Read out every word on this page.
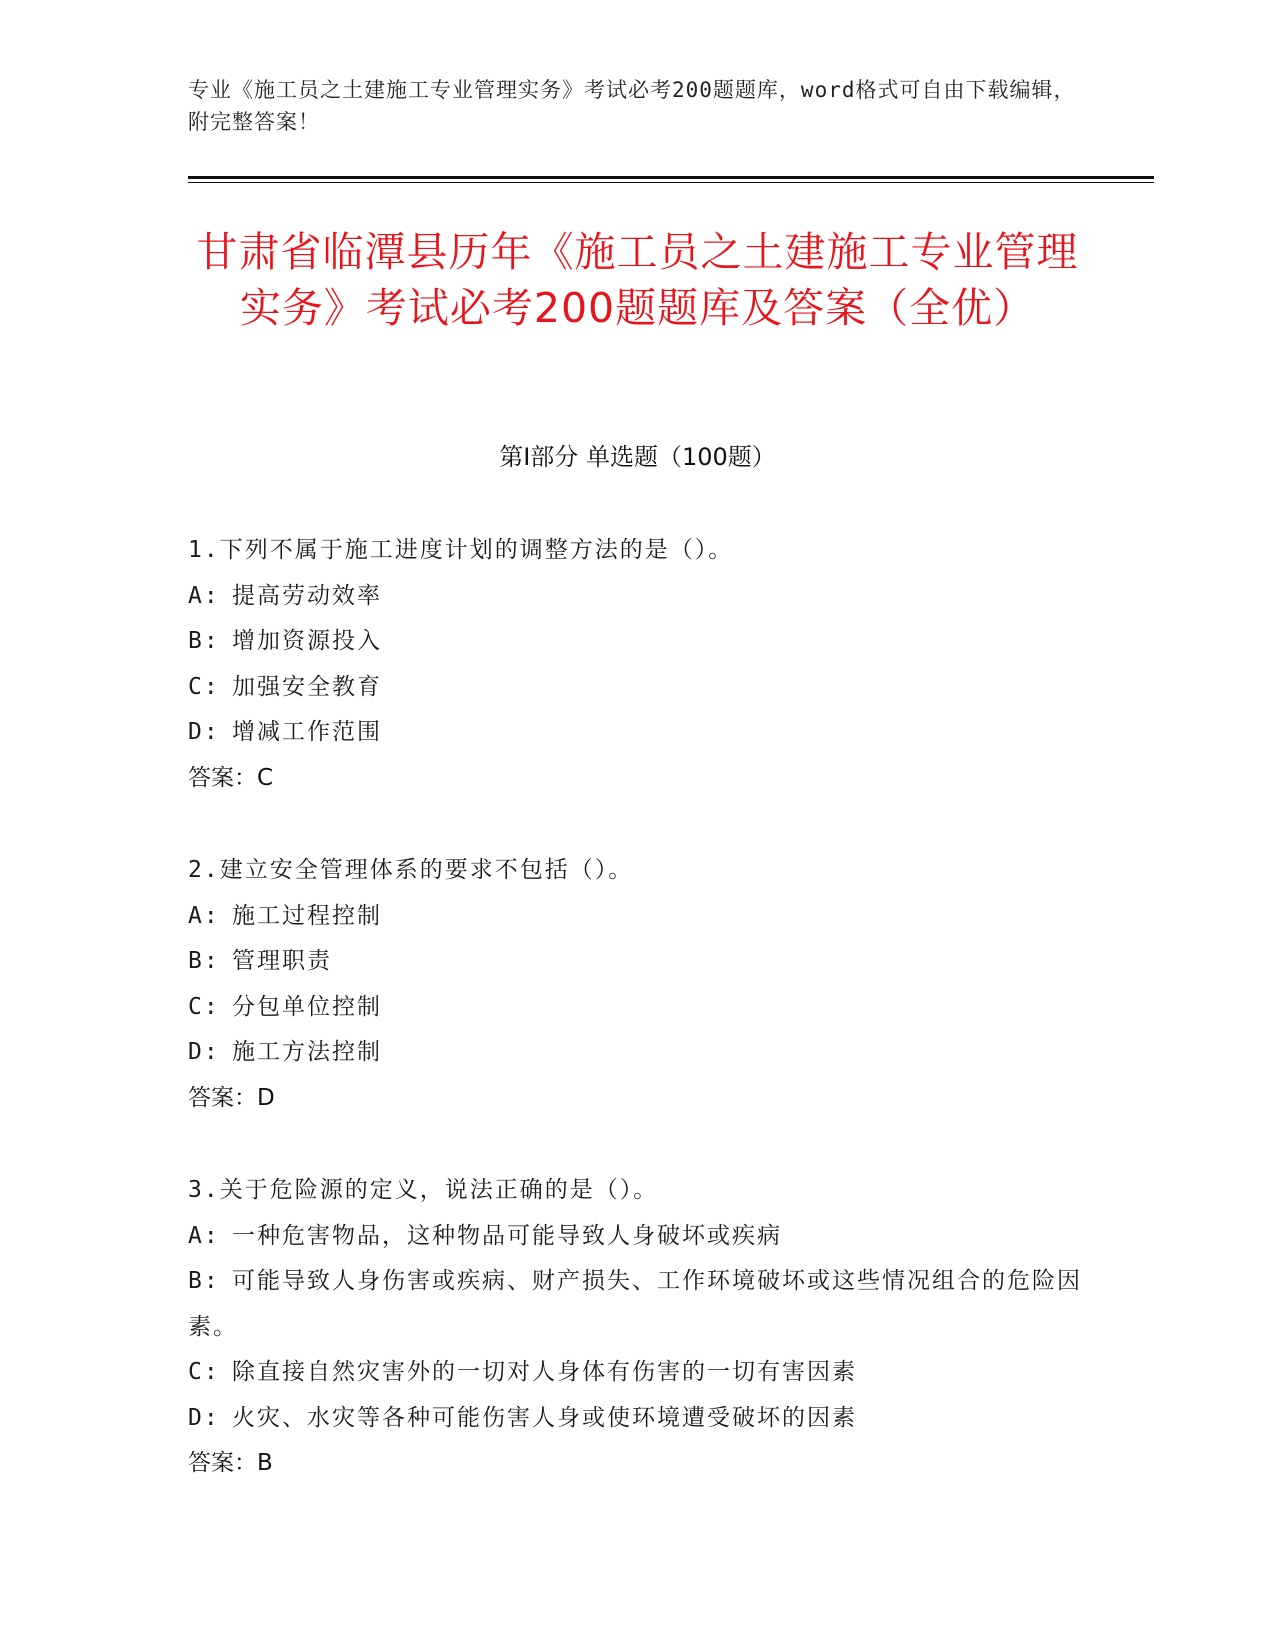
专业《施工员之土建施工专业管理实务》考试必考200题题库，word格式可自由下载编辑，附完整答案！
甘肃省临潭县历年《施工员之土建施工专业管理实务》考试必考200题题库及答案（全优）
第Ⅰ部分 单选题（100题）
1.下列不属于施工进度计划的调整方法的是（）。
A: 提高劳动效率
B: 增加资源投入
C: 加强安全教育
D: 增减工作范围
答案：C
2.建立安全管理体系的要求不包括（）。
A: 施工过程控制
B: 管理职责
C: 分包单位控制
D: 施工方法控制
答案：D
3.关于危险源的定义，说法正确的是（）。
A: 一种危害物品，这种物品可能导致人身破坏或疾病
B: 可能导致人身伤害或疾病、财产损失、工作环境破坏或这些情况组合的危险因素。
C: 除直接自然灾害外的一切对人身体有伤害的一切有害因素
D: 火灾、水灾等各种可能伤害人身或使环境遭受破坏的因素
答案：B
